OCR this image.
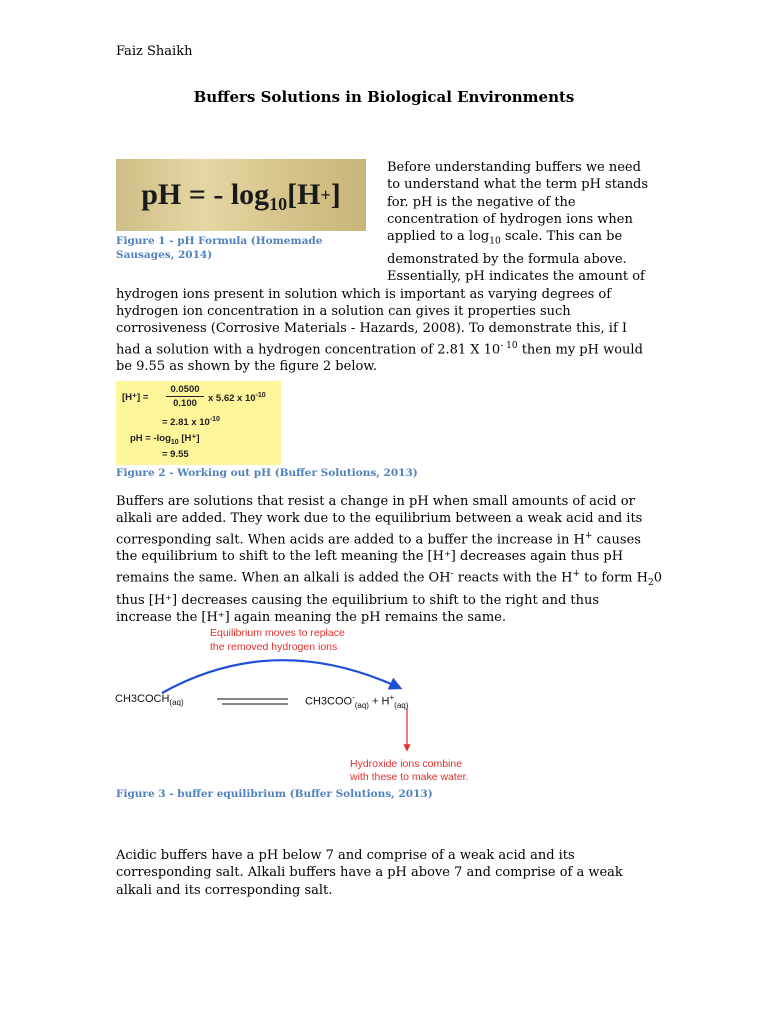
Faiz Shaikh
Buffers Solutions in Biological Environments
pH = - log 10 [H + ]
Figure 1 - pH Formula (Homemade Sausages, 2014)
Before understanding buffers we need
to understand what the term pH stands
for. pH is the negative of the
concentration of hydrogen ions when
applied to a $\log_{10}$ scale. This can be
demonstrated by the formula above.
Essentially, pH indicates the amount of
hydrogen ions present in solution which is important as varying degrees of
hydrogen ion concentration in a solution can gives it properties such
corrosiveness (Corrosive Materials - Hazards, 2008). To demonstrate this, if I
had a solution with a hydrogen concentration of 2.81 X $10^{- 10}$ then my pH would
be 9.55 as shown by the figure 2 below.
$[H^+] = \frac{0.0500}{0.100}$ x 5.62 x $10^{-10}$
= 2.81 x $10^{-10}$
pH = $-\log_{10}$ [H⁺]
= 9.55
Figure 2 - Working out pH (Buffer Solutions, 2013)
Buffers are solutions that resist a change in pH when small amounts of acid or
alkali are added. They work due to the equilibrium between a weak acid and its
corresponding salt. When acids are added to a buffer the increase in H+ causes
the equilibrium to shift to the left meaning the [H⁺] decreases again thus pH
remains the same. When an alkali is added the OH- reacts with the H+ to form $H_20$
thus [H⁺] decreases causing the equilibrium to shift to the right and thus
increase the [H⁺] again meaning the pH remains the same.
Equilibrium moves to replace
the removed hydrogen ions
$CH3COCH_{(aq)}$	$CH3COO^-_{(aq)} + H^+_{(aq)}$
Hydroxide ions combine
with these to make water.
Figure 3 - buffer equilibrium (Buffer Solutions, 2013)
Acidic buffers have a pH below 7 and comprise of a weak acid and its
corresponding salt. Alkali buffers have a pH above 7 and comprise of a weak
alkali and its corresponding salt.
